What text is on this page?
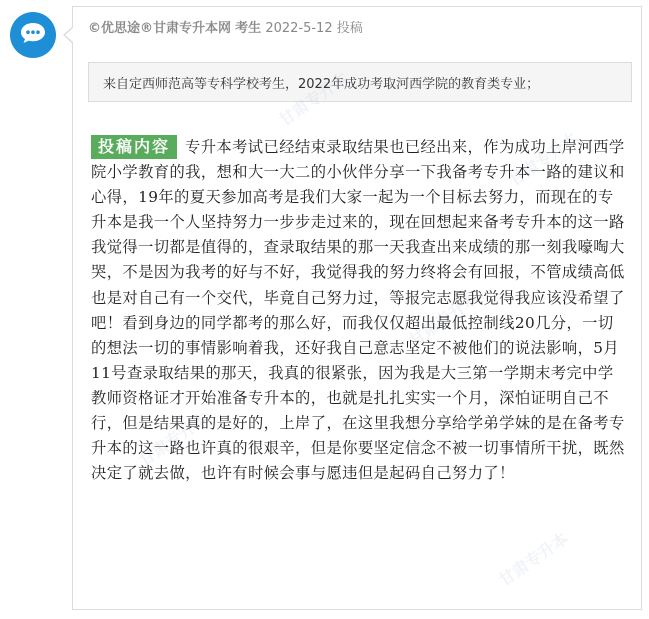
©优思途®甘肃专升本网 考生 2022-5-12 投稿
来自定西师范高等专科学校考生，2022年成功考取河西学院的教育类专业；
甘肃专升本
甘肃专升本
甘肃专升本
甘肃专升本
投稿内容 专升本考试已经结束录取结果也已经出来，作为成功上岸河西学院小学教育的我，想和大一大二的小伙伴分享一下我备考专升本一路的建议和心得，19年的夏天参加高考是我们大家一起为一个目标去努力，而现在的专升本是我一个人坚持努力一步步走过来的，现在回想起来备考专升本的这一路我觉得一切都是值得的，查录取结果的那一天我查出来成绩的那一刻我嚎啕大哭，不是因为我考的好与不好，我觉得我的努力终将会有回报，不管成绩高低也是对自己有一个交代，毕竟自己努力过，等报完志愿我觉得我应该没希望了吧！看到身边的同学都考的那么好，而我仅仅超出最低控制线20几分，一切的想法一切的事情影响着我，还好我自己意志坚定不被他们的说法影响，5月11号查录取结果的那天，我真的很紧张，因为我是大三第一学期末考完中学教师资格证才开始准备专升本的，也就是扎扎实实一个月，深怕证明自己不行，但是结果真的是好的，上岸了，在这里我想分享给学弟学妹的是在备考专升本的这一路也许真的很艰辛，但是你要坚定信念不被一切事情所干扰，既然决定了就去做，也许有时候会事与愿违但是起码自己努力了！
